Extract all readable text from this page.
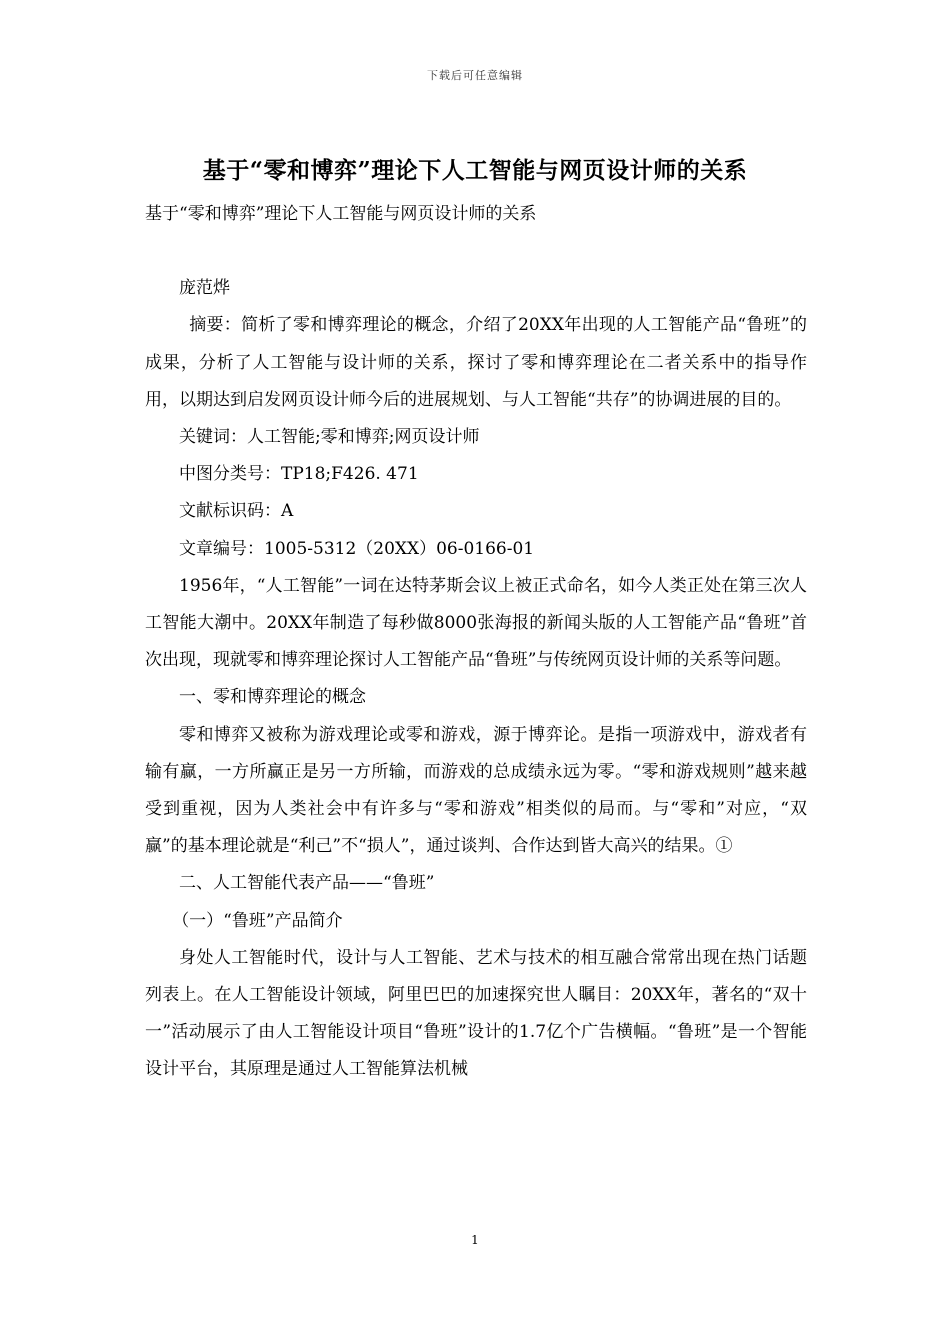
下载后可任意编辑
基于“零和博弈”理论下人工智能与网页设计师的关系

基于“零和博弈”理论下人工智能与网页设计师的关系

庞范烨

摘要：简析了零和博弈理论的概念，介绍了20XX年出现的人工智能产品“鲁班”的成果，分析了人工智能与设计师的关系，探讨了零和博弈理论在二者关系中的指导作用，以期达到启发网页设计师今后的进展规划、与人工智能“共存”的协调进展的目的。

关键词：人工智能;零和博弈;网页设计师

中图分类号：TP18;F426. 471

文献标识码：A

文章编号：1005-5312（20XX）06-0166-01

1956年，“人工智能”一词在达特茅斯会议上被正式命名，如今人类正处在第三次人工智能大潮中。20XX年制造了每秒做8000张海报的新闻头版的人工智能产品“鲁班”首次出现，现就零和博弈理论探讨人工智能产品“鲁班”与传统网页设计师的关系等问题。

一、零和博弈理论的概念

零和博弈又被称为游戏理论或零和游戏，源于博弈论。是指一项游戏中，游戏者有输有赢，一方所赢正是另一方所输，而游戏的总成绩永远为零。“零和游戏规则”越来越受到重视，因为人类社会中有许多与“零和游戏”相类似的局而。与“零和”对应，“双赢”的基本理论就是“利己”不“损人”，通过谈判、合作达到皆大高兴的结果。①

二、人工智能代表产品——“鲁班”

（一）“鲁班”产品简介

身处人工智能时代，设计与人工智能、艺术与技术的相互融合常常出现在热门话题列表上。在人工智能设计领域，阿里巴巴的加速探究世人瞩目：20XX年，著名的“双十一”活动展示了由人工智能设计项目“鲁班”设计的1.7亿个广告横幅。“鲁班”是一个智能设计平台，其原理是通过人工智能算法机械

1
